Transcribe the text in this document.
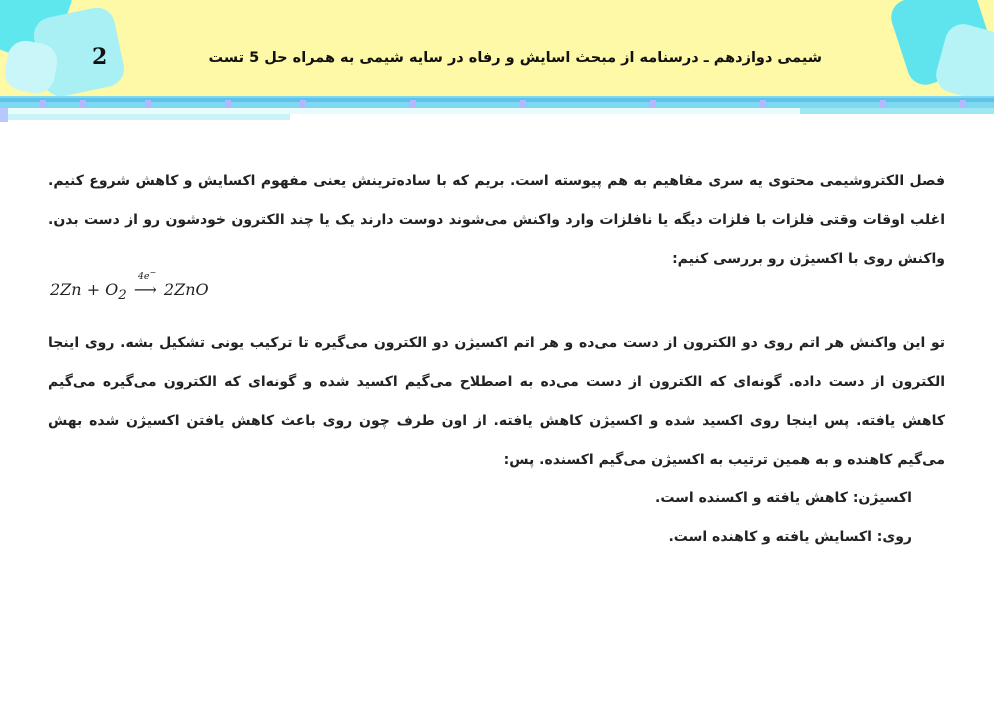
2	شیمی دوازدهم ـ درسنامه از مبحث اسایش و رفاه در سایه شیمی به همراه حل 5 تست

فصل الکتروشیمی محتوی یه سری مفاهیم به هم پیوسته است. بریم که با ساده‌ترینش یعنی مفهوم اکسایش و کاهش شروع کنیم. اغلب اوقات وقتی فلزات با فلزات دیگه یا نافلزات وارد واکنش می‌شوند دوست دارند یک یا چند الکترون خودشون رو از دست بدن. واکنش روی با اکسیژن رو بررسی کنیم:

$2Zn + O_2$
4e−
⟶ 2ZnO

تو این واکنش هر اتم روی دو الکترون از دست می‌ده و هر اتم اکسیژن دو الکترون می‌گیره تا ترکیب یونی تشکیل بشه. روی اینجا الکترون از دست داده. گونه‌ای که الکترون از دست می‌ده به اصطلاح می‌گیم اکسید شده و گونه‌ای که الکترون می‌گیره می‌گیم کاهش یافته. پس اینجا روی اکسید شده و اکسیژن کاهش یافته. از اون طرف چون روی باعث کاهش یافتن اکسیژن شده بهش می‌گیم کاهنده و به همین ترتیب به اکسیژن می‌گیم اکسنده. پس:

اکسیژن: کاهش یافته و اکسنده است.
روی: اکسایش یافته و کاهنده است.
